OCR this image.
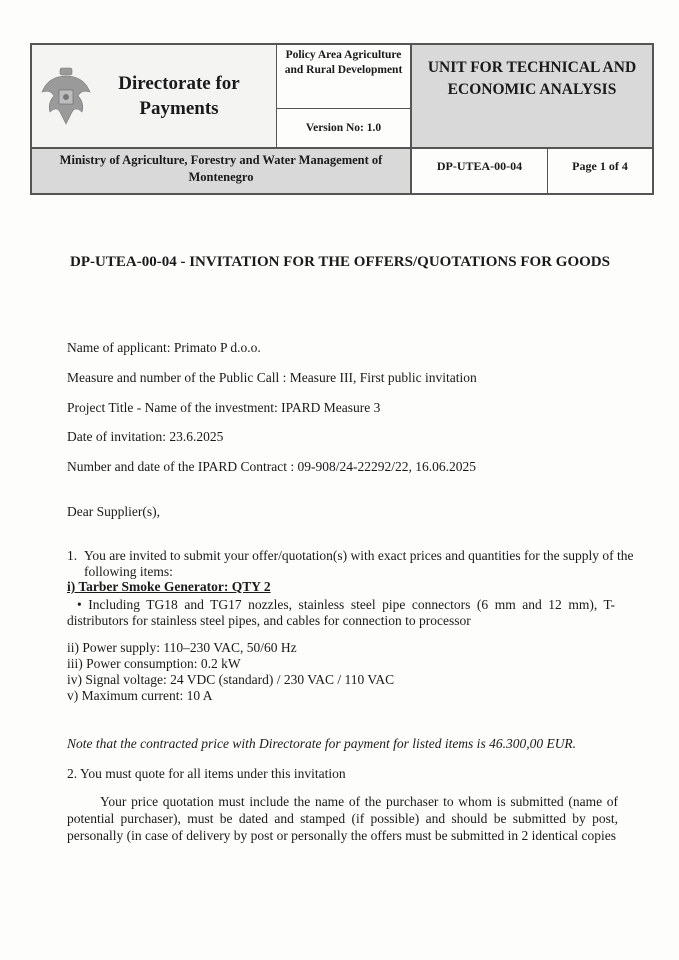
Directorate for Payments
Policy Area Agriculture and Rural Development
Version No: 1.0
UNIT FOR TECHNICAL AND ECONOMIC ANALYSIS
Ministry of Agriculture, Forestry and Water Management of Montenegro
DP-UTEA-00-04	Page 1 of 4
DP-UTEA-00-04 - INVITATION FOR THE OFFERS/QUOTATIONS FOR GOODS
Name of applicant: Primato P d.o.o.
Measure and number of the Public Call : Measure III, First public invitation
Project Title - Name of the investment: IPARD Measure 3
Date of invitation: 23.6.2025
Number and date of the IPARD Contract : 09-908/24-22292/22, 16.06.2025
Dear Supplier(s),
1. You are invited to submit your offer/quotation(s) with exact prices and quantities for the supply of the following items:
i) Tarber Smoke Generator: QTY 2
• Including TG18 and TG17 nozzles, stainless steel pipe connectors (6 mm and 12 mm), T-distributors for stainless steel pipes, and cables for connection to processor
ii) Power supply: 110–230 VAC, 50/60 Hz
iii) Power consumption: 0.2 kW
iv) Signal voltage: 24 VDC (standard) / 230 VAC / 110 VAC
v) Maximum current: 10 A
Note that the contracted price with Directorate for payment for listed items is 46.300,00 EUR.
2. You must quote for all items under this invitation
Your price quotation must include the name of the purchaser to whom is submitted (name of potential purchaser), must be dated and stamped (if possible) and should be submitted by post, personally (in case of delivery by post or personally the offers must be submitted in 2 identical copies
